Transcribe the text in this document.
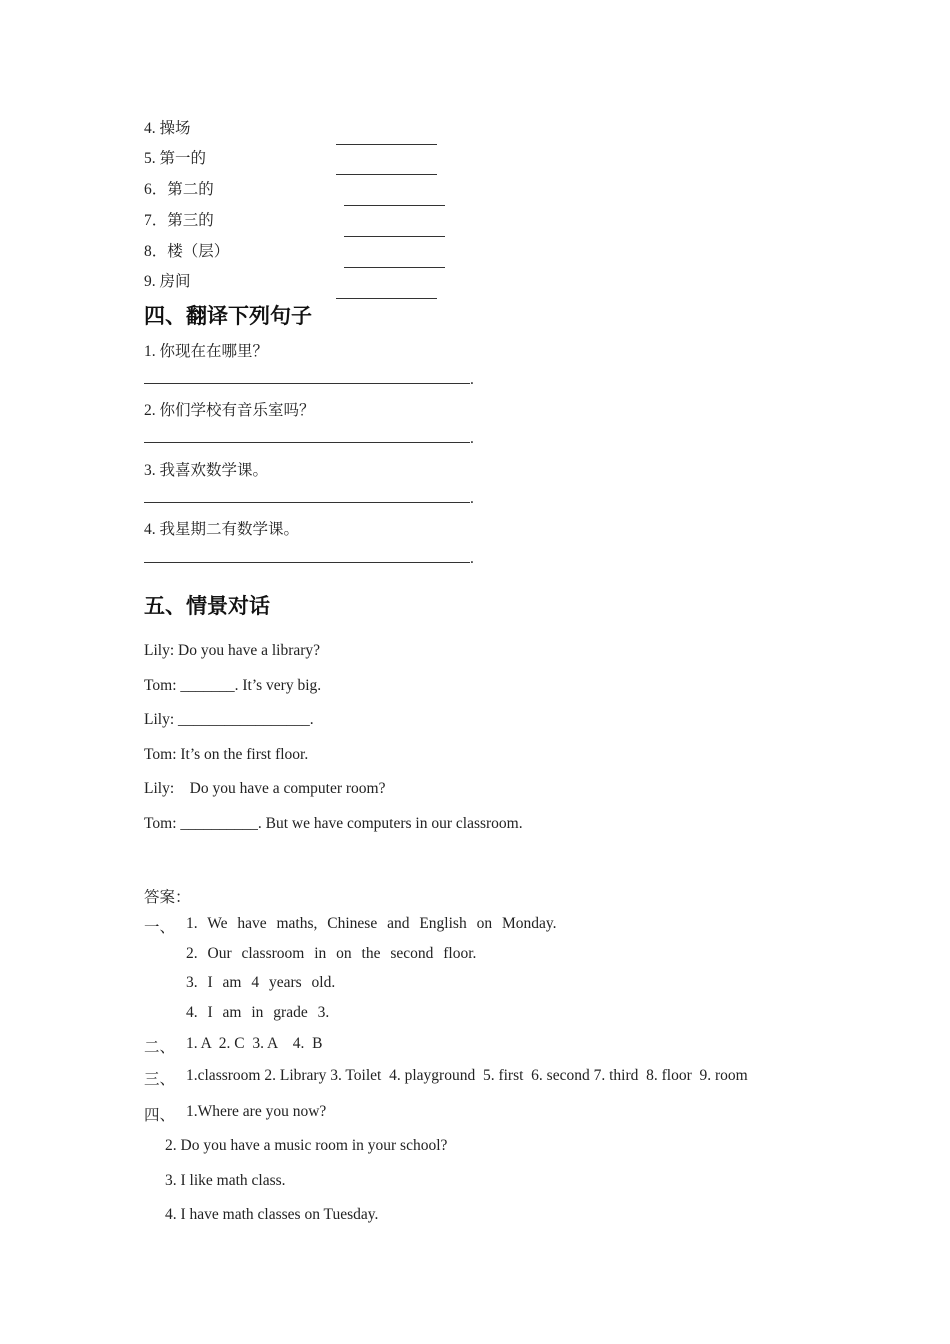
4. 操场
5. 第一的
6．第二的
7．第三的
8．楼（层）
9. 房间
四、翻译下列句子
1. 你现在在哪里？
.
2. 你们学校有音乐室吗？
.
3. 我喜欢数学课。
.
4. 我星期二有数学课。
.
五、情景对话
Lily: Do you have a library?
Tom: _______. It’s very big.
Lily: _________________.
Tom: It’s on the first floor.
Lily:    Do you have a computer room?
Tom: __________. But we have computers in our classroom.
答案：
一、 1. We have maths, Chinese and English on Monday.
2. Our classroom in on the second floor.
3. I am 4 years old.
4. I am in grade 3.
二、 1. A  2. C  3. A    4.  B
三、 1.classroom 2. Library 3. Toilet  4. playground  5. first  6. second 7. third  8. floor  9. room
四、 1.Where are you now?
2. Do you have a music room in your school?
3. I like math class.
4. I have math classes on Tuesday.
